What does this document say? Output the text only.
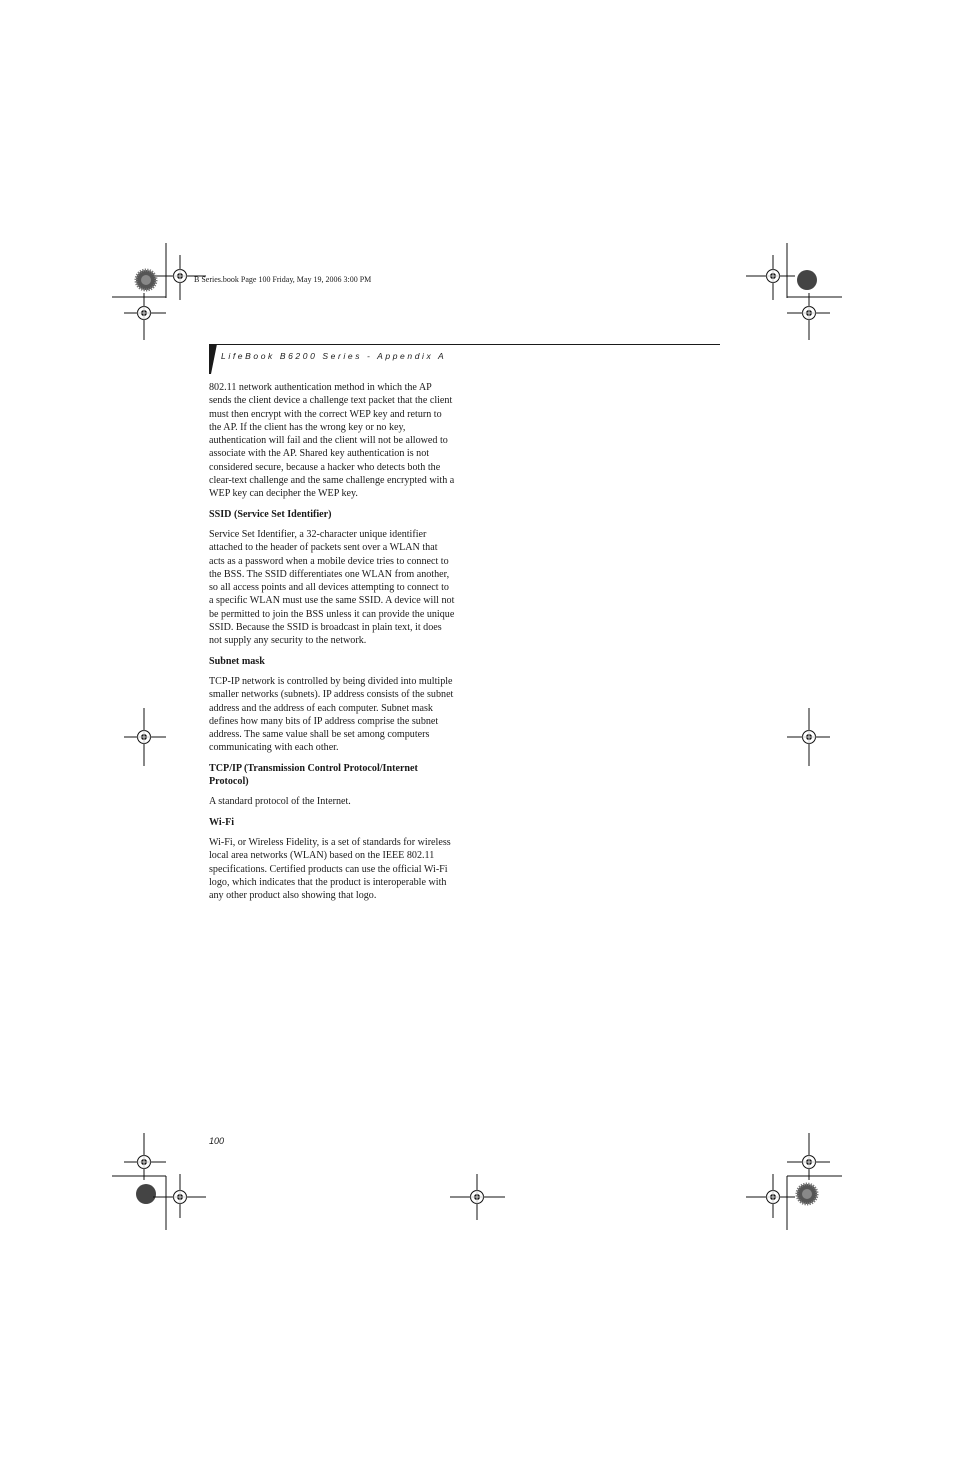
B Series.book Page 100 Friday, May 19, 2006 3:00 PM
LifeBook B6200 Series - Appendix A

802.11 network authentication method in which the AP sends the client device a challenge text packet that the client must then encrypt with the correct WEP key and return to the AP. If the client has the wrong key or no key, authentication will fail and the client will not be allowed to associate with the AP. Shared key authentication is not considered secure, because a hacker who detects both the clear-text challenge and the same challenge encrypted with a WEP key can decipher the WEP key.

SSID (Service Set Identifier)

Service Set Identifier, a 32-character unique identifier attached to the header of packets sent over a WLAN that acts as a password when a mobile device tries to connect to the BSS. The SSID differentiates one WLAN from another, so all access points and all devices attempting to connect to a specific WLAN must use the same SSID. A device will not be permitted to join the BSS unless it can provide the unique SSID. Because the SSID is broadcast in plain text, it does not supply any security to the network.

Subnet mask

TCP-IP network is controlled by being divided into multiple smaller networks (subnets). IP address consists of the subnet address and the address of each computer. Subnet mask defines how many bits of IP address comprise the subnet address. The same value shall be set among computers communicating with each other.

TCP/IP (Transmission Control Protocol/Internet Protocol)

A standard protocol of the Internet.

Wi-Fi

Wi-Fi, or Wireless Fidelity, is a set of standards for wireless local area networks (WLAN) based on the IEEE 802.11 specifications. Certified products can use the official Wi-Fi logo, which indicates that the product is interoperable with any other product also showing that logo.

100
